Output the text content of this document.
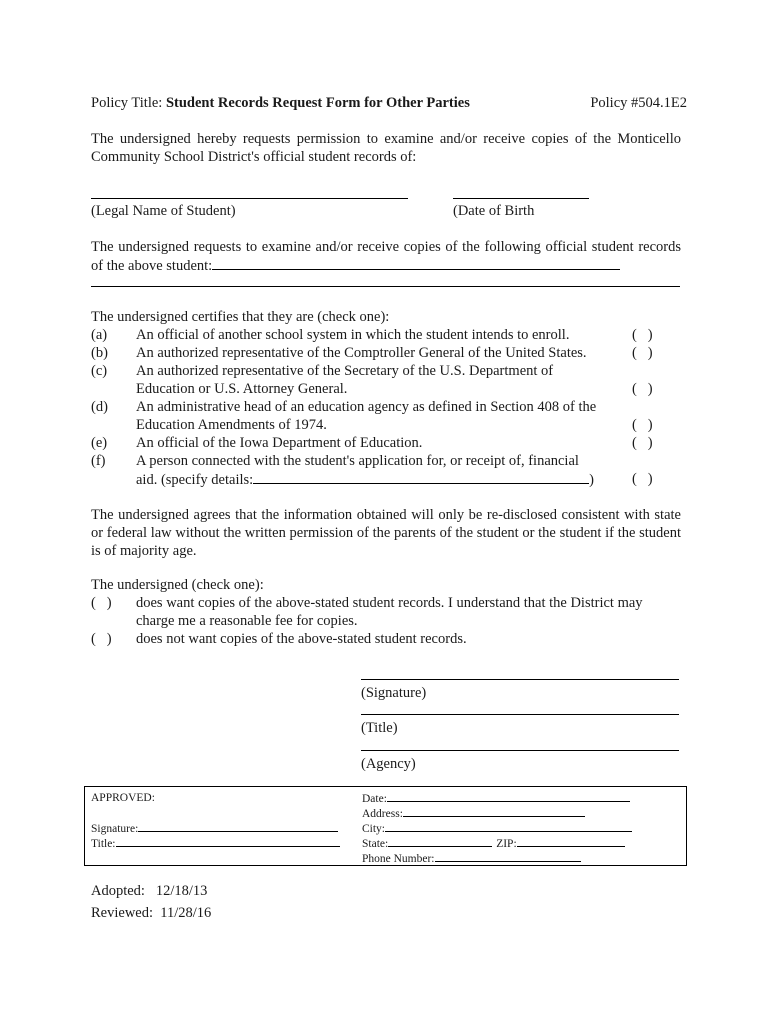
Policy Title: Student Records Request Form for Other Parties	Policy #504.1E2
The undersigned hereby requests permission to examine and/or receive copies of the Monticello Community School District's official student records of:
(Legal Name of Student)	(Date of Birth
The undersigned requests to examine and/or receive copies of the following official student records of the above student:
The undersigned certifies that they are (check one):
(a) An official of another school system in which the student intends to enroll.	(   )
(b) An authorized representative of the Comptroller General of the United States.	(   )
(c) An authorized representative of the Secretary of the U.S. Department of Education or U.S. Attorney General.	(   )
(d) An administrative head of an education agency as defined in Section 408 of the Education Amendments of 1974.	(   )
(e) An official of the Iowa Department of Education.	(   )
(f) A person connected with the student's application for, or receipt of, financial
aid. (specify details:	)	(   )
The undersigned agrees that the information obtained will only be re-disclosed consistent with state or federal law without the written permission of the parents of the student or the student if the student is of majority age.
The undersigned (check one):
(   ) does want copies of the above-stated student records. I understand that the District may charge me a reasonable fee for copies.
(   ) does not want copies of the above-stated student records.
(Signature)
(Title)
(Agency)
APPROVED:
Signature:
Title:
Date:
Address:
City:
State:	ZIP:
Phone Number:
Adopted: 12/18/13
Reviewed: 11/28/16
